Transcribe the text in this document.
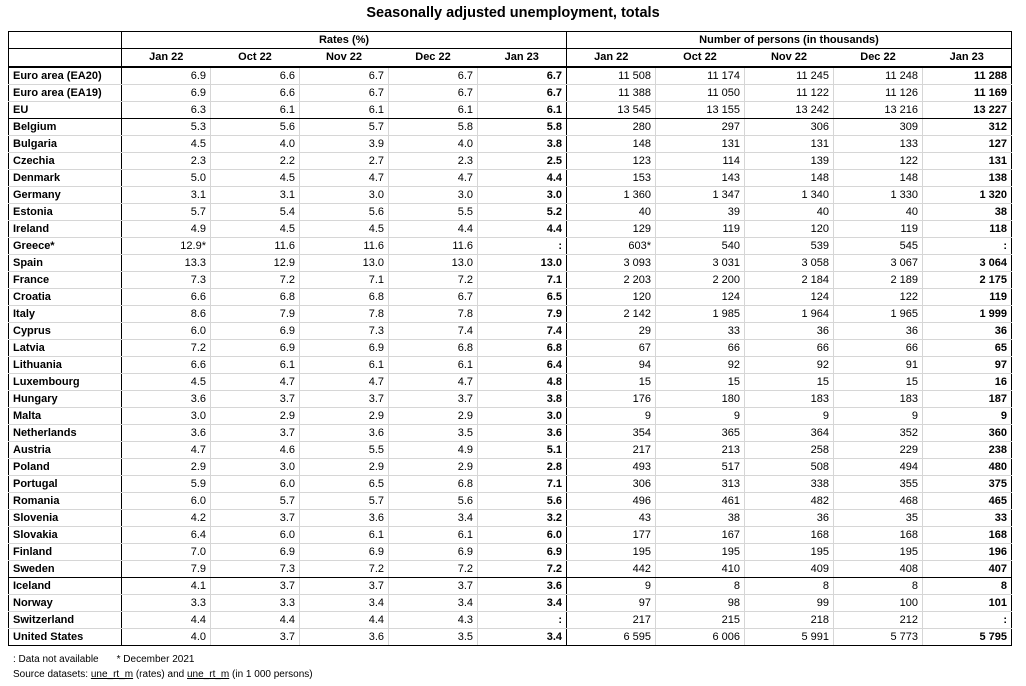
Seasonally adjusted unemployment, totals
	Rates (%)					Number of persons (in thousands)				
	Jan 22	Oct 22	Nov 22	Dec 22	Jan 23	Jan 22	Oct 22	Nov 22	Dec 22	Jan 23
Euro area (EA20)	6.9	6.6	6.7	6.7	6.7	11 508	11 174	11 245	11 248	11 288
Euro area (EA19)	6.9	6.6	6.7	6.7	6.7	11 388	11 050	11 122	11 126	11 169
EU	6.3	6.1	6.1	6.1	6.1	13 545	13 155	13 242	13 216	13 227
Belgium	5.3	5.6	5.7	5.8	5.8	280	297	306	309	312
Bulgaria	4.5	4.0	3.9	4.0	3.8	148	131	131	133	127
Czechia	2.3	2.2	2.7	2.3	2.5	123	114	139	122	131
Denmark	5.0	4.5	4.7	4.7	4.4	153	143	148	148	138
Germany	3.1	3.1	3.0	3.0	3.0	1 360	1 347	1 340	1 330	1 320
Estonia	5.7	5.4	5.6	5.5	5.2	40	39	40	40	38
Ireland	4.9	4.5	4.5	4.4	4.4	129	119	120	119	118
Greece*	12.9*	11.6	11.6	11.6	:	603*	540	539	545	:
Spain	13.3	12.9	13.0	13.0	13.0	3 093	3 031	3 058	3 067	3 064
France	7.3	7.2	7.1	7.2	7.1	2 203	2 200	2 184	2 189	2 175
Croatia	6.6	6.8	6.8	6.7	6.5	120	124	124	122	119
Italy	8.6	7.9	7.8	7.8	7.9	2 142	1 985	1 964	1 965	1 999
Cyprus	6.0	6.9	7.3	7.4	7.4	29	33	36	36	36
Latvia	7.2	6.9	6.9	6.8	6.8	67	66	66	66	65
Lithuania	6.6	6.1	6.1	6.1	6.4	94	92	92	91	97
Luxembourg	4.5	4.7	4.7	4.7	4.8	15	15	15	15	16
Hungary	3.6	3.7	3.7	3.7	3.8	176	180	183	183	187
Malta	3.0	2.9	2.9	2.9	3.0	9	9	9	9	9
Netherlands	3.6	3.7	3.6	3.5	3.6	354	365	364	352	360
Austria	4.7	4.6	5.5	4.9	5.1	217	213	258	229	238
Poland	2.9	3.0	2.9	2.9	2.8	493	517	508	494	480
Portugal	5.9	6.0	6.5	6.8	7.1	306	313	338	355	375
Romania	6.0	5.7	5.7	5.6	5.6	496	461	482	468	465
Slovenia	4.2	3.7	3.6	3.4	3.2	43	38	36	35	33
Slovakia	6.4	6.0	6.1	6.1	6.0	177	167	168	168	168
Finland	7.0	6.9	6.9	6.9	6.9	195	195	195	195	196
Sweden	7.9	7.3	7.2	7.2	7.2	442	410	409	408	407
Iceland	4.1	3.7	3.7	3.7	3.6	9	8	8	8	8
Norway	3.3	3.3	3.4	3.4	3.4	97	98	99	100	101
Switzerland	4.4	4.4	4.4	4.3	:	217	215	218	212	:
United States	4.0	3.7	3.6	3.5	3.4	6 595	6 006	5 991	5 773	5 795
: Data not available * December 2021
Source datasets: une_rt_m (rates) and une_rt_m (in 1 000 persons)
